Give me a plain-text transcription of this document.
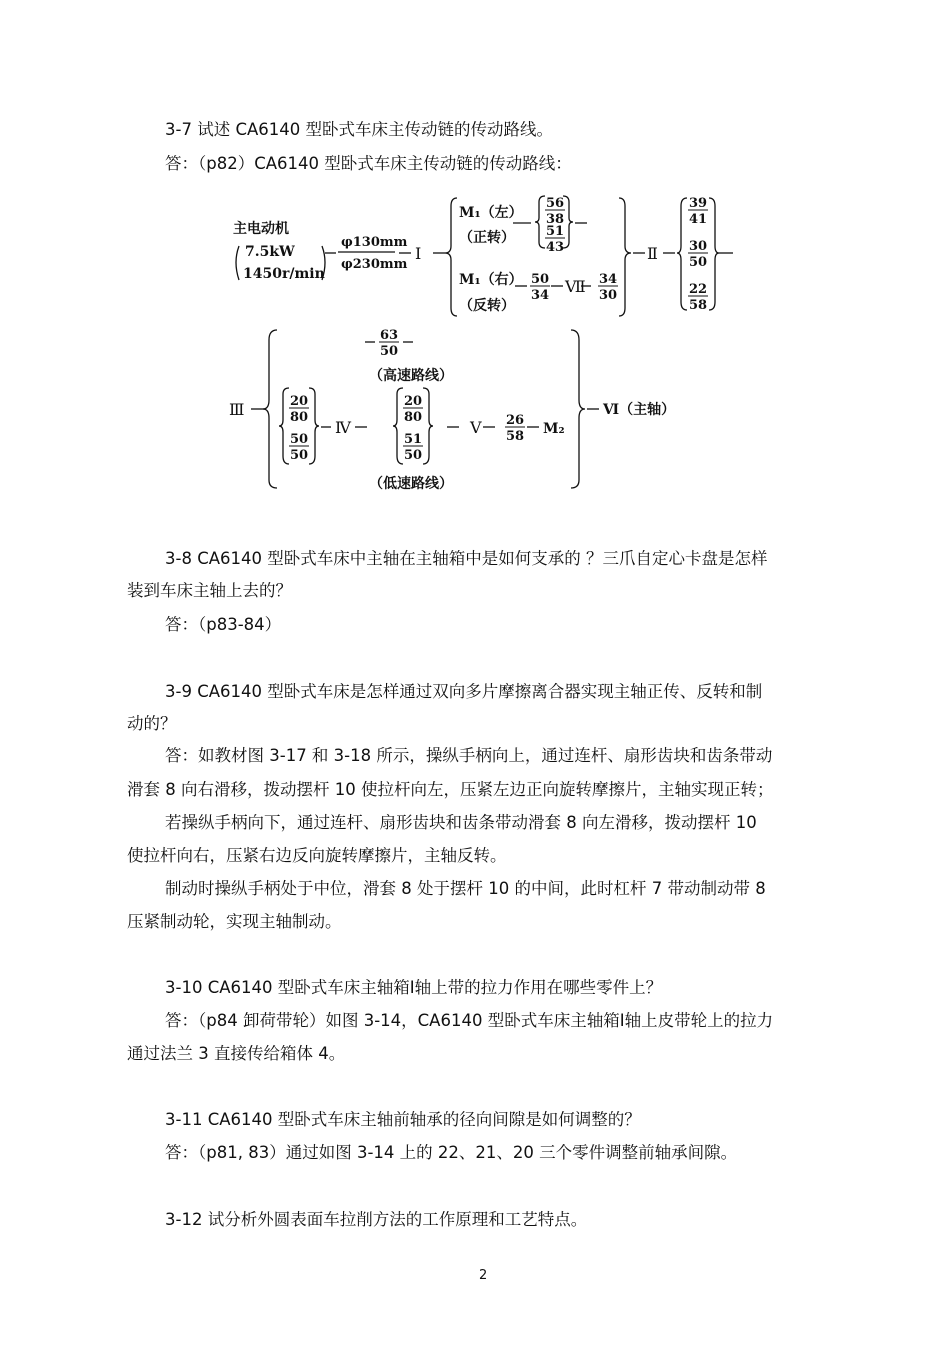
3-7 试述 CA6140 型卧式车床主传动链的传动路线。
答：（p82）CA6140 型卧式车床主传动链的传动路线：
主电动机
7.5kW
1450r/min
φ130mm
φ230mm
Ⅰ
M₁（左）
（正转）
M₁（右）
（反转）
Ⅶ
Ⅱ
Ⅲ
（高速路线）
Ⅳ	Ⅴ	M₂
Ⅵ（主轴）
（低速路线）
56
38
51
43
50
34
34
30
39
41
30
50
22
58
63
50
20
80
50
50
20
80
51
50
26
58
3-8 CA6140 型卧式车床中主轴在主轴箱中是如何支承的 ？三爪自定心卡盘是怎样
装到车床主轴上去的？
答：（p83-84）
3-9 CA6140 型卧式车床是怎样通过双向多片摩擦离合器实现主轴正传、反转和制
动的？
答：如教材图 3-17 和 3-18 所示，操纵手柄向上，通过连杆、扇形齿块和齿条带动
滑套 8 向右滑移，拨动摆杆 10 使拉杆向左，压紧左边正向旋转摩擦片，主轴实现正转；
若操纵手柄向下，通过连杆、扇形齿块和齿条带动滑套 8 向左滑移，拨动摆杆 10
使拉杆向右，压紧右边反向旋转摩擦片，主轴反转。
制动时操纵手柄处于中位，滑套 8 处于摆杆 10 的中间，此时杠杆 7 带动制动带 8
压紧制动轮，实现主轴制动。
3-10 CA6140 型卧式车床主轴箱Ⅰ轴上带的拉力作用在哪些零件上？
答：（p84 卸荷带轮）如图 3-14，CA6140 型卧式车床主轴箱Ⅰ轴上皮带轮上的拉力
通过法兰 3 直接传给箱体 4。
3-11 CA6140 型卧式车床主轴前轴承的径向间隙是如何调整的？
答：（p81, 83）通过如图 3-14 上的 22、21、20 三个零件调整前轴承间隙。
3-12 试分析外圆表面车拉削方法的工作原理和工艺特点。
2
